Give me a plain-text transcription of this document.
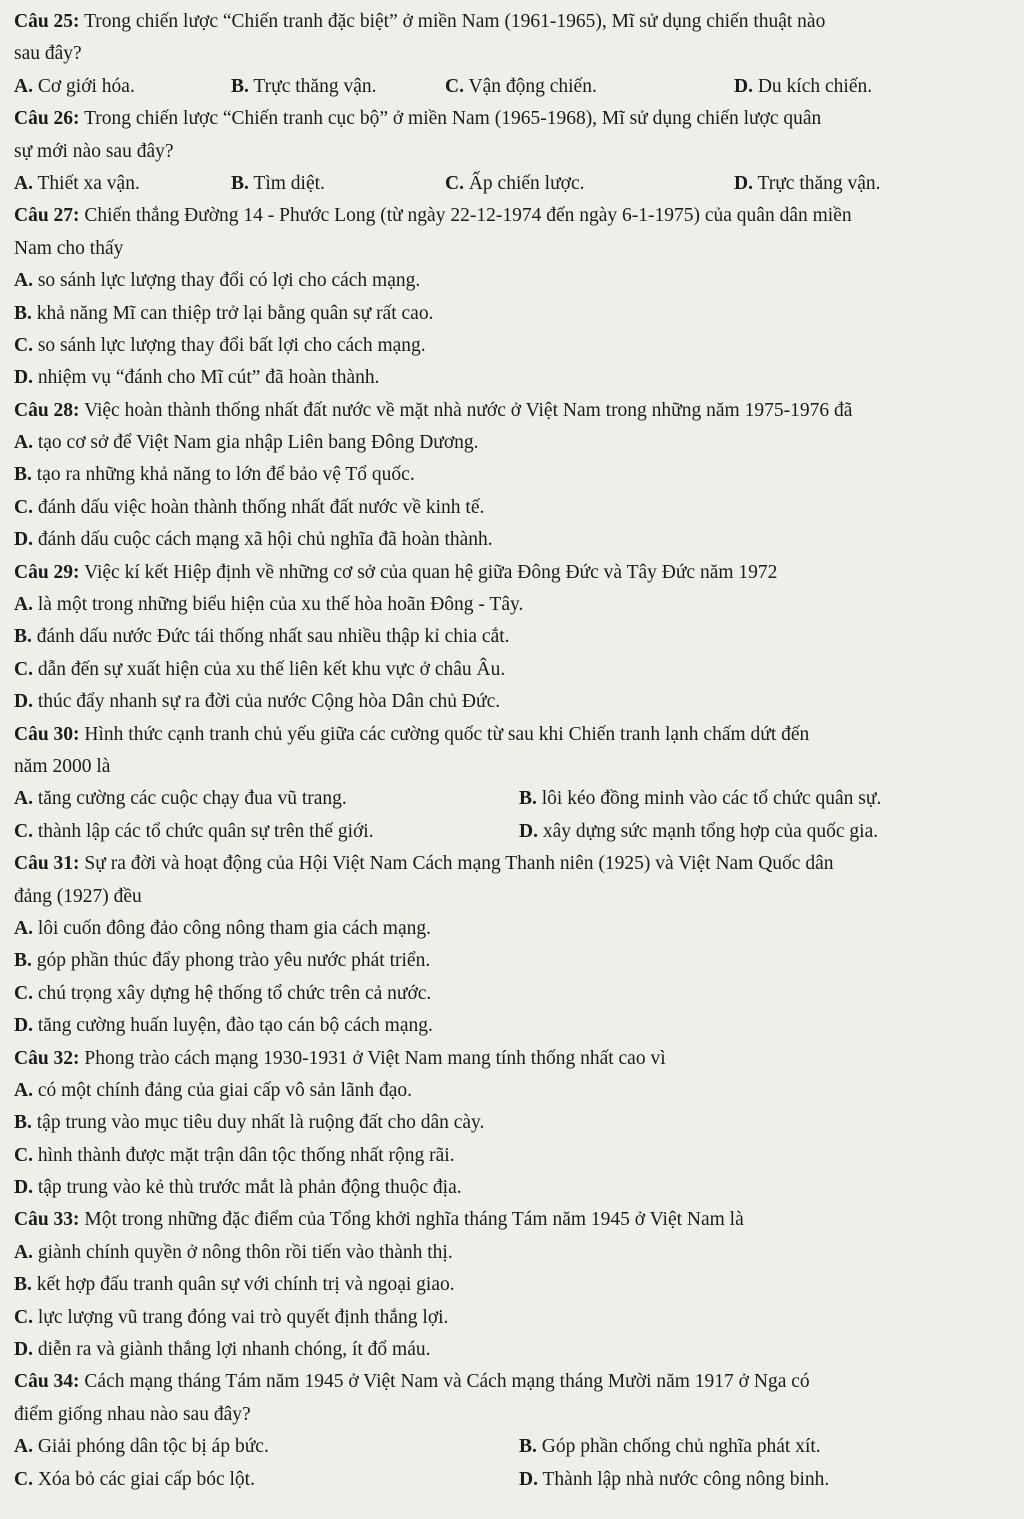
Câu 25: Trong chiến lược “Chiến tranh đặc biệt” ở miền Nam (1961-1965), Mĩ sử dụng chiến thuật nào
sau đây?
A. Cơ giới hóa.	B. Trực thăng vận.	C. Vận động chiến.	D. Du kích chiến.
Câu 26: Trong chiến lược “Chiến tranh cục bộ” ở miền Nam (1965-1968), Mĩ sử dụng chiến lược quân
sự mới nào sau đây?
A. Thiết xa vận.	B. Tìm diệt.	C. Ấp chiến lược.	D. Trực thăng vận.
Câu 27: Chiến thắng Đường 14 - Phước Long (từ ngày 22-12-1974 đến ngày 6-1-1975) của quân dân miền
Nam cho thấy
A. so sánh lực lượng thay đổi có lợi cho cách mạng.
B. khả năng Mĩ can thiệp trở lại bằng quân sự rất cao.
C. so sánh lực lượng thay đổi bất lợi cho cách mạng.
D. nhiệm vụ “đánh cho Mĩ cút” đã hoàn thành.
Câu 28: Việc hoàn thành thống nhất đất nước về mặt nhà nước ở Việt Nam trong những năm 1975-1976 đã
A. tạo cơ sở để Việt Nam gia nhập Liên bang Đông Dương.
B. tạo ra những khả năng to lớn để bảo vệ Tổ quốc.
C. đánh dấu việc hoàn thành thống nhất đất nước về kinh tế.
D. đánh dấu cuộc cách mạng xã hội chủ nghĩa đã hoàn thành.
Câu 29: Việc kí kết Hiệp định về những cơ sở của quan hệ giữa Đông Đức và Tây Đức năm 1972
A. là một trong những biểu hiện của xu thế hòa hoãn Đông - Tây.
B. đánh dấu nước Đức tái thống nhất sau nhiều thập kỉ chia cắt.
C. dẫn đến sự xuất hiện của xu thế liên kết khu vực ở châu Âu.
D. thúc đẩy nhanh sự ra đời của nước Cộng hòa Dân chủ Đức.
Câu 30: Hình thức cạnh tranh chủ yếu giữa các cường quốc từ sau khi Chiến tranh lạnh chấm dứt đến
năm 2000 là
A. tăng cường các cuộc chạy đua vũ trang.	B. lôi kéo đồng minh vào các tổ chức quân sự.
C. thành lập các tổ chức quân sự trên thế giới.	D. xây dựng sức mạnh tổng hợp của quốc gia.
Câu 31: Sự ra đời và hoạt động của Hội Việt Nam Cách mạng Thanh niên (1925) và Việt Nam Quốc dân
đảng (1927) đều
A. lôi cuốn đông đảo công nông tham gia cách mạng.
B. góp phần thúc đẩy phong trào yêu nước phát triển.
C. chú trọng xây dựng hệ thống tổ chức trên cả nước.
D. tăng cường huấn luyện, đào tạo cán bộ cách mạng.
Câu 32: Phong trào cách mạng 1930-1931 ở Việt Nam mang tính thống nhất cao vì
A. có một chính đảng của giai cấp vô sản lãnh đạo.
B. tập trung vào mục tiêu duy nhất là ruộng đất cho dân cày.
C. hình thành được mặt trận dân tộc thống nhất rộng rãi.
D. tập trung vào kẻ thù trước mắt là phản động thuộc địa.
Câu 33: Một trong những đặc điểm của Tổng khởi nghĩa tháng Tám năm 1945 ở Việt Nam là
A. giành chính quyền ở nông thôn rồi tiến vào thành thị.
B. kết hợp đấu tranh quân sự với chính trị và ngoại giao.
C. lực lượng vũ trang đóng vai trò quyết định thắng lợi.
D. diễn ra và giành thắng lợi nhanh chóng, ít đổ máu.
Câu 34: Cách mạng tháng Tám năm 1945 ở Việt Nam và Cách mạng tháng Mười năm 1917 ở Nga có
điểm giống nhau nào sau đây?
A. Giải phóng dân tộc bị áp bức.	B. Góp phần chống chủ nghĩa phát xít.
C. Xóa bỏ các giai cấp bóc lột.	D. Thành lập nhà nước công nông binh.
